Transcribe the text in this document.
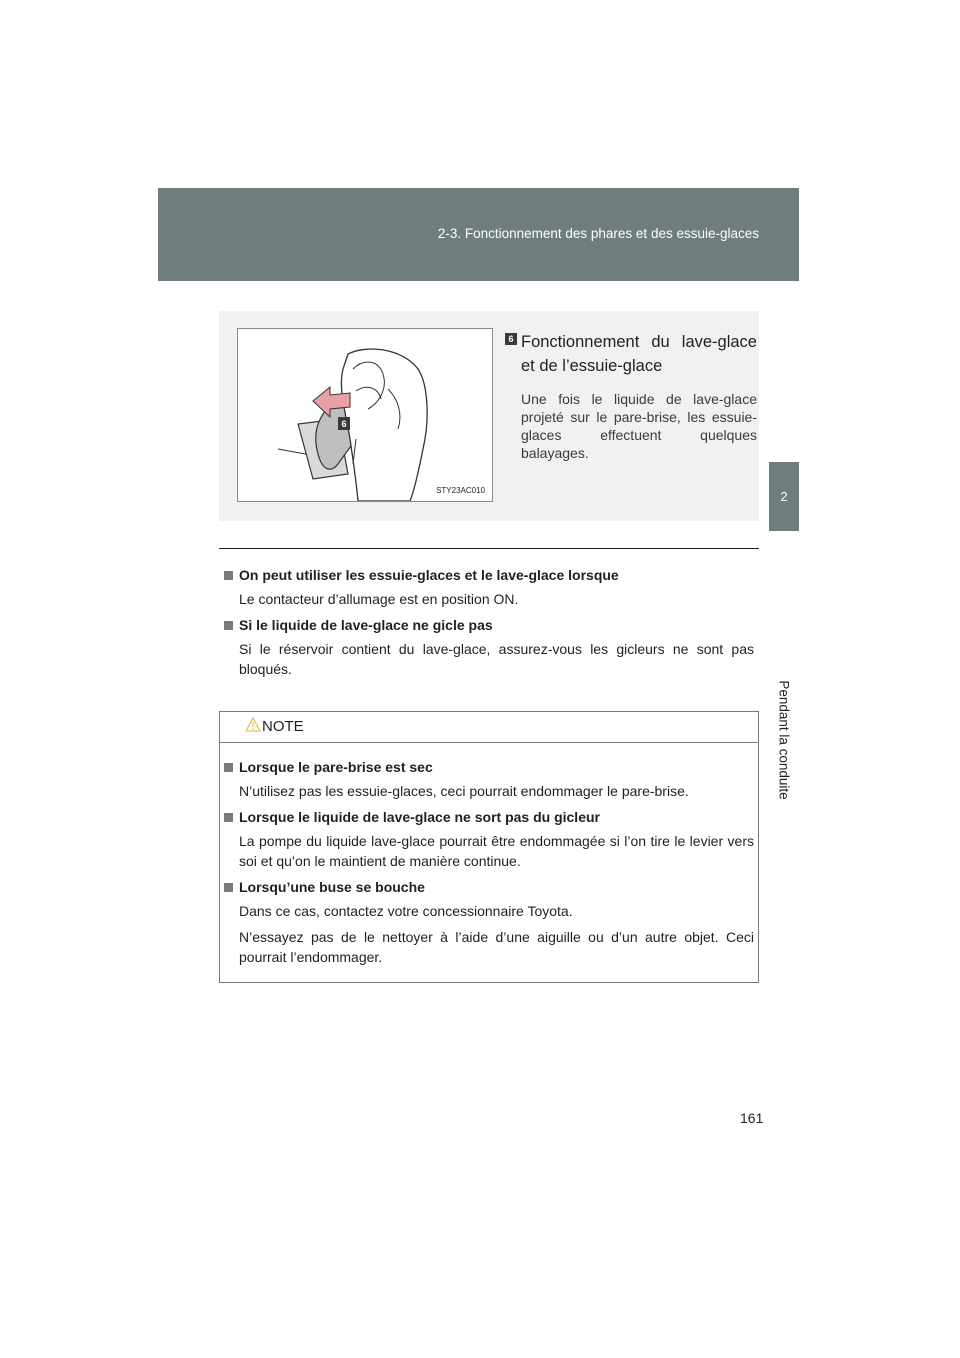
2-3. Fonctionnement des phares et des essuie-glaces
2
Pendant la conduite
6
STY23AC010
6 Fonctionnement du lave-glace et de l’essuie-glace
Une fois le liquide de lave-glace projeté sur le pare-brise, les essuie-glaces effectuent quelques balayages.
On peut utiliser les essuie-glaces et le lave-glace lorsque
Le contacteur d’allumage est en position ON.
Si le liquide de lave-glace ne gicle pas
Si le réservoir contient du lave-glace, assurez-vous les gicleurs ne sont pas bloqués.
NOTE
Lorsque le pare-brise est sec
N’utilisez pas les essuie-glaces, ceci pourrait endommager le pare-brise.
Lorsque le liquide de lave-glace ne sort pas du gicleur
La pompe du liquide lave-glace pourrait être endommagée si l’on tire le levier vers soi et qu’on le maintient de manière continue.
Lorsqu’une buse se bouche
Dans ce cas, contactez votre concessionnaire Toyota.
N’essayez pas de le nettoyer à l’aide d’une aiguille ou d’un autre objet. Ceci pourrait l’endommager.
161
